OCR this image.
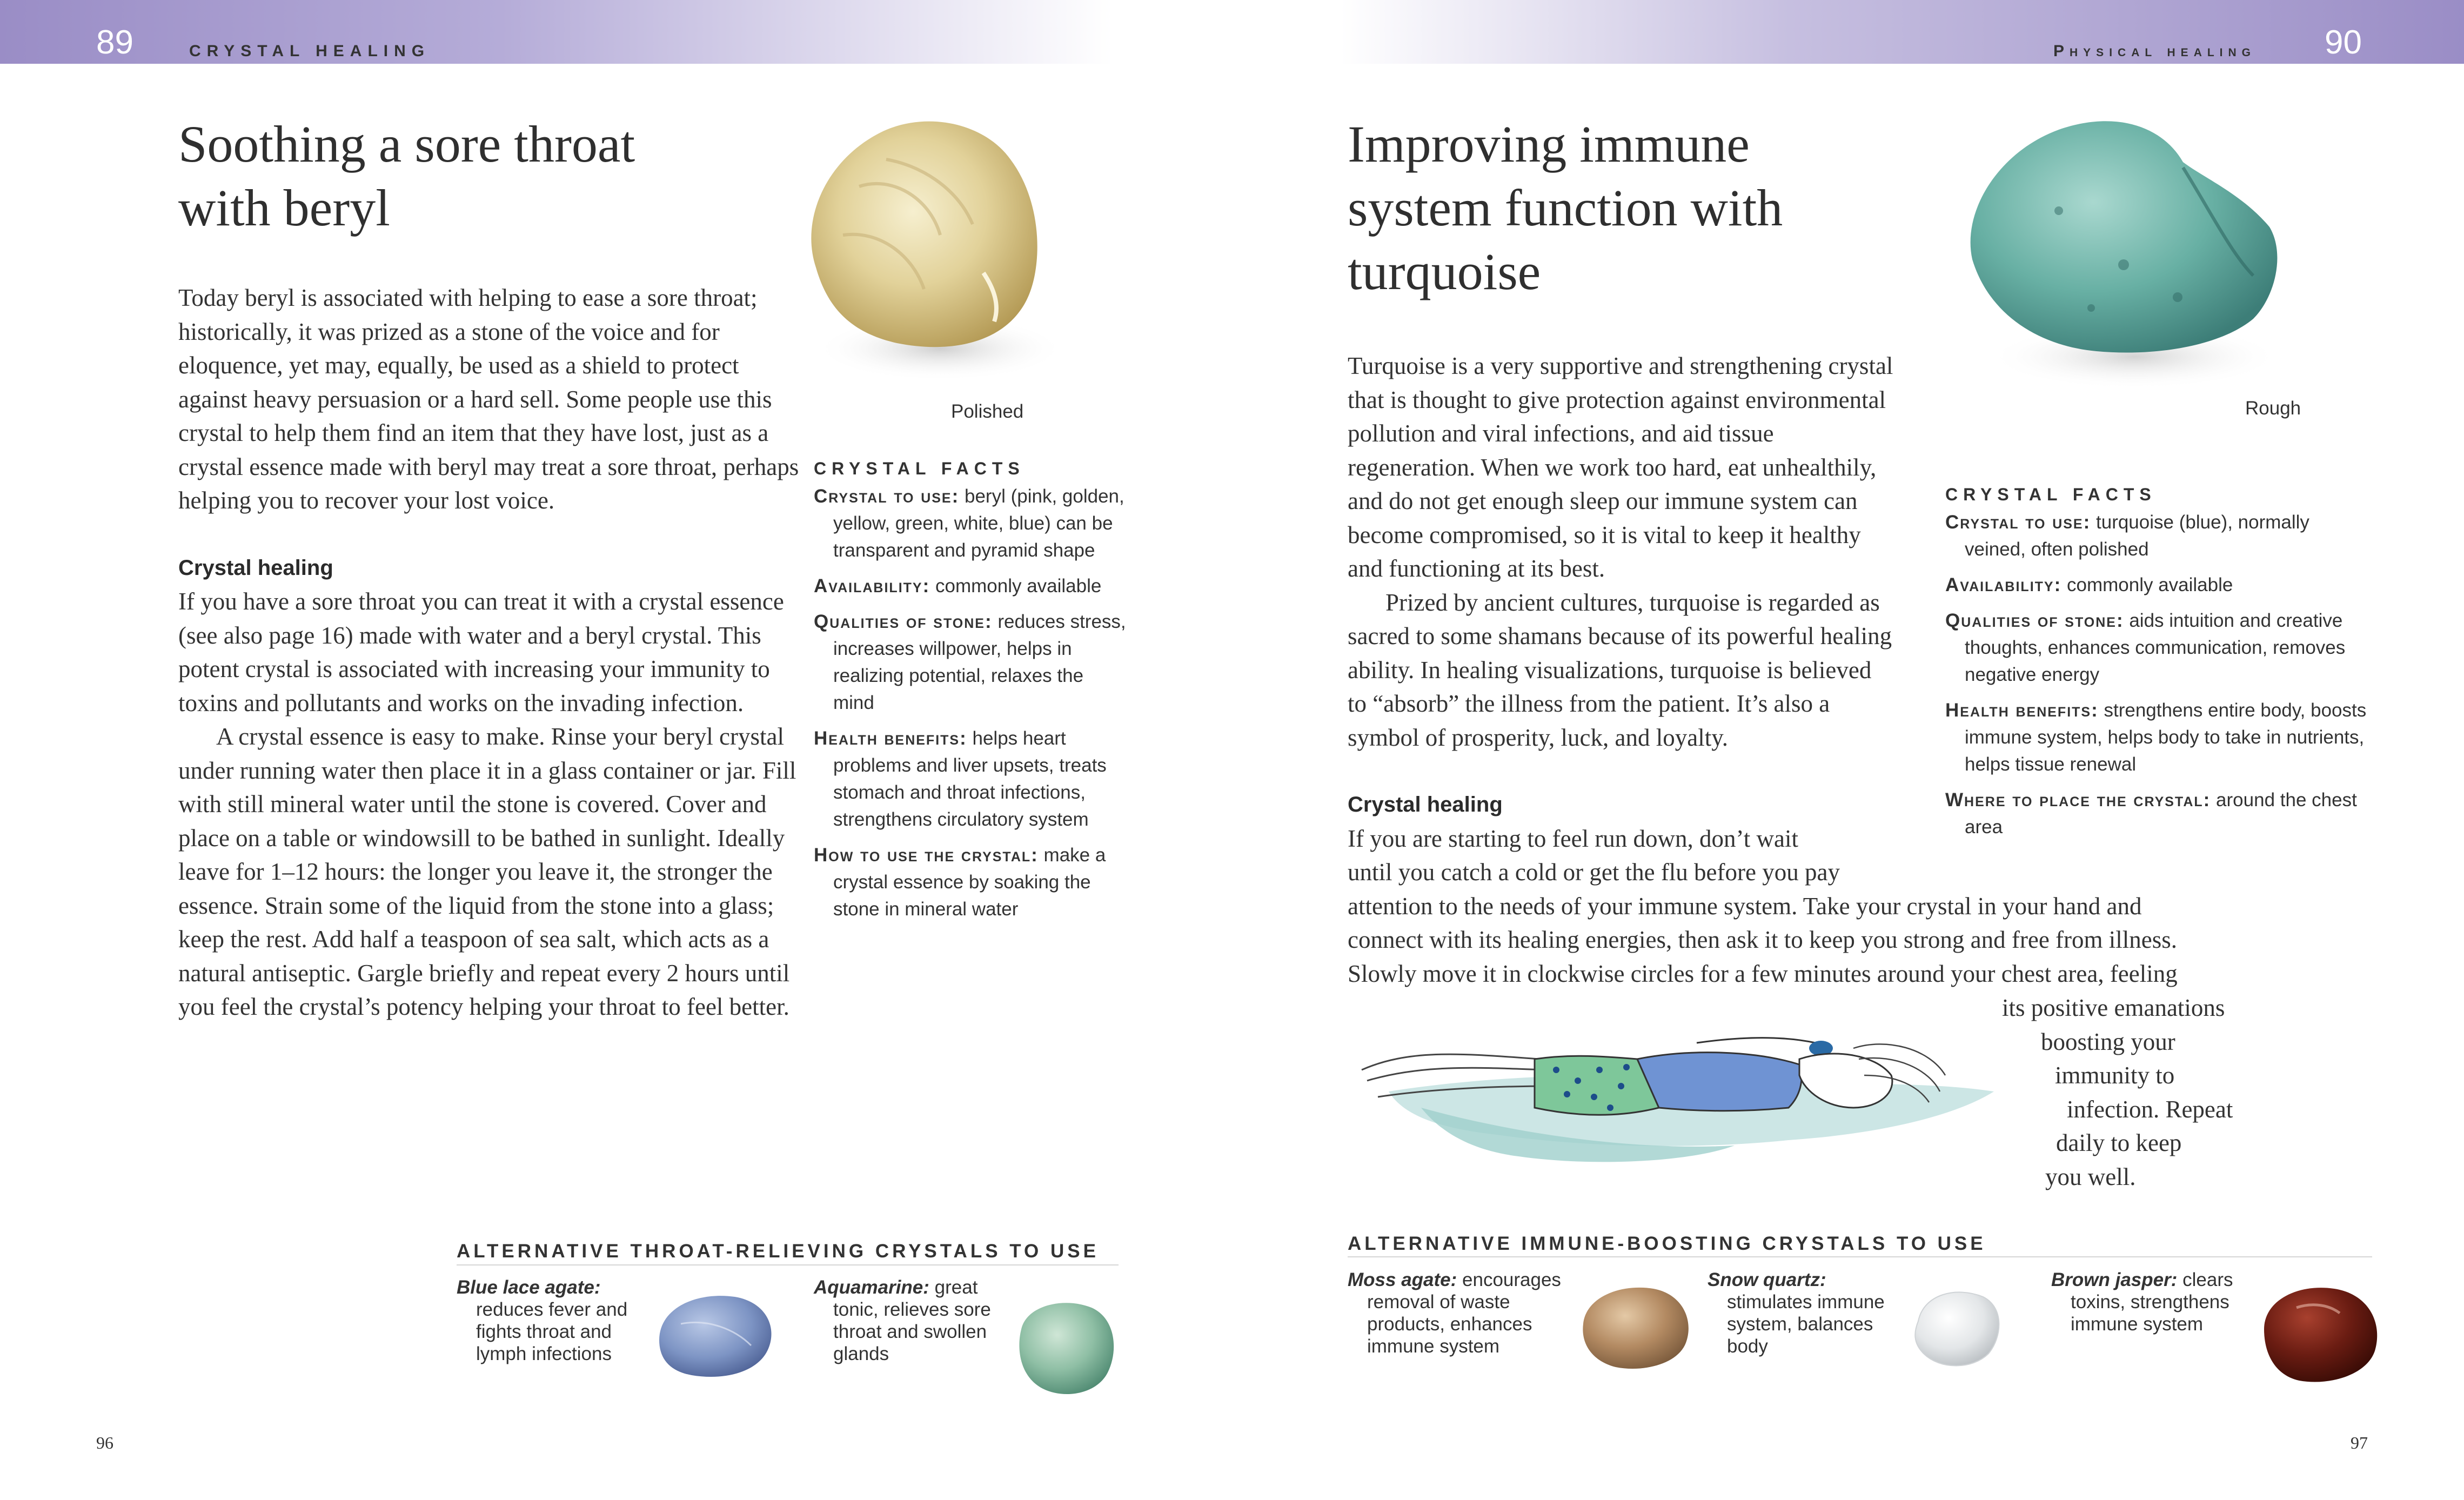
89	CRYSTAL HEALING	Physical healing 90
Soothing a sore throat
with beryl

Today beryl is associated with helping to ease a sore throat; historically, it was prized as a stone of the voice and for eloquence, yet may, equally, be used as a shield to protect against heavy persuasion or a hard sell. Some people use this crystal to help them find an item that they have lost, just as a crystal essence made with beryl may treat a sore throat, perhaps helping you to recover your lost voice.

Crystal healing

If you have a sore throat you can treat it with a crystal essence (see also page 16) made with water and a beryl crystal. This potent crystal is associated with increasing your immunity to toxins and pollutants and works on the invading infection.

A crystal essence is easy to make. Rinse your beryl crystal under running water then place it in a glass container or jar. Fill with still mineral water until the stone is covered. Cover and place on a table or windowsill to be bathed in sunlight. Ideally leave for 1–12 hours: the longer you leave it, the stronger the essence. Strain some of the liquid from the stone into a glass; keep the rest. Add half a teaspoon of sea salt, which acts as a natural antiseptic. Gargle briefly and repeat every 2 hours until you feel the crystal’s potency helping your throat to feel better.

Polished
CRYSTAL FACTS
Crystal to use: beryl (pink, golden, yellow, green, white, blue) can be transparent and pyramid shape
Availability: commonly available
Qualities of stone: reduces stress, increases willpower, helps in realizing potential, relaxes the mind
Health benefits: helps heart problems and liver upsets, treats stomach and throat infections, strengthens circulatory system
How to use the crystal: make a crystal essence by soaking the stone in mineral water
ALTERNATIVE THROAT-RELIEVING CRYSTALS TO USE
Blue lace agate:
reduces fever and
fights throat and
lymph infections
Aquamarine: great
tonic, relieves sore
throat and swollen
glands
96
Improving immune
system function with
turquoise

Turquoise is a very supportive and strengthening crystal that is thought to give protection against environmental pollution and viral infections, and aid tissue regeneration. When we work too hard, eat unhealthily, and do not get enough sleep our immune system can become compromised, so it is vital to keep it healthy and functioning at its best.

Prized by ancient cultures, turquoise is regarded as sacred to some shamans because of its powerful healing ability. In healing visualizations, turquoise is believed to “absorb” the illness from the patient. It’s also a symbol of prosperity, luck, and loyalty.

Crystal healing

If you are starting to feel run down, don’t wait

until you catch a cold or get the flu before you pay

attention to the needs of your immune system. Take your crystal in your hand and

connect with its healing energies, then ask it to keep you strong and free from illness.

Slowly move it in clockwise circles for a few minutes around your chest area, feeling

its positive emanations

boosting your

immunity to

infection. Repeat

daily to keep

you well.

Rough
CRYSTAL FACTS
Crystal to use: turquoise (blue), normally veined, often polished
Availability: commonly available
Qualities of stone: aids intuition and creative thoughts, enhances communication, removes negative energy
Health benefits: strengthens entire body, boosts immune system, helps body to take in nutrients, helps tissue renewal
Where to place the crystal: around the chest area
ALTERNATIVE IMMUNE-BOOSTING CRYSTALS TO USE
Moss agate: encourages
removal of waste
products, enhances
immune system
Snow quartz:
stimulates immune
system, balances
body
Brown jasper: clears
toxins, strengthens
immune system
97
